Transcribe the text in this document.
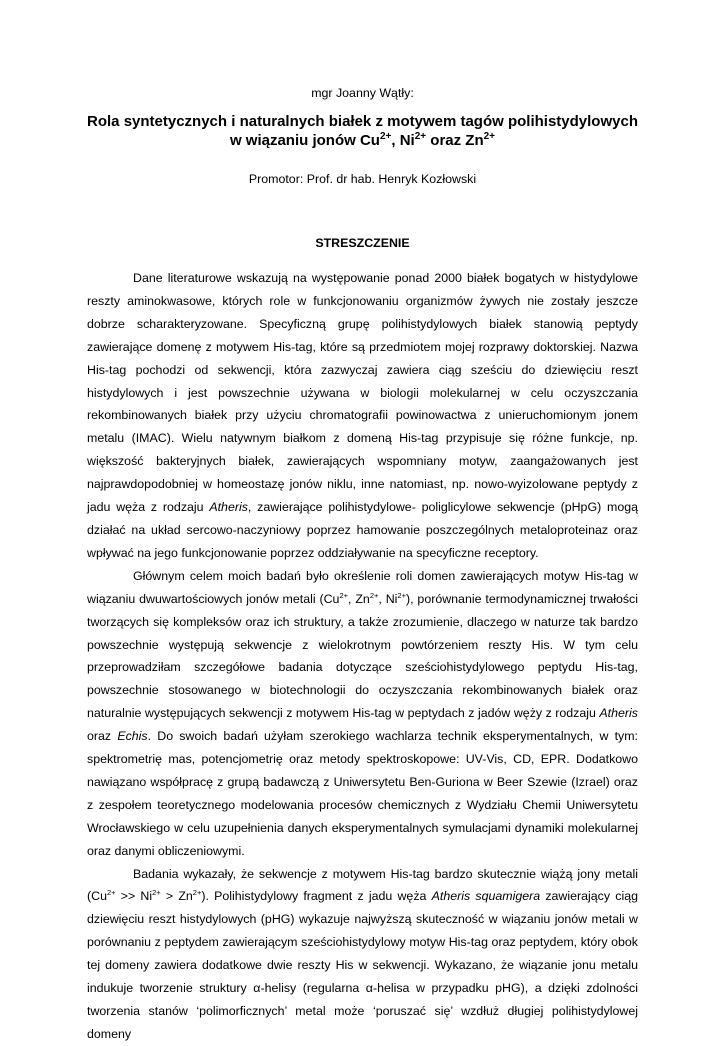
mgr Joanny Wątły:
Rola syntetycznych i naturalnych białek z motywem tagów polihistydylowych
w wiązaniu jonów $Cu^{2+}$, $Ni^{2+}$ oraz $Zn^{2+}$
Promotor: Prof. dr hab. Henryk Kozłowski
STRESZCZENIE

Dane literaturowe wskazują na występowanie ponad 2000 białek bogatych w histydylowe reszty aminokwasowe, których role w funkcjonowaniu organizmów żywych nie zostały jeszcze dobrze scharakteryzowane. Specyficzną grupę polihistydylowych białek stanowią peptydy zawierające domenę z motywem His-tag, które są przedmiotem mojej rozprawy doktorskiej. Nazwa His-tag pochodzi od sekwencji, która zazwyczaj zawiera ciąg sześciu do dziewięciu reszt histydylowych i jest powszechnie używana w biologii molekularnej w celu oczyszczania rekombinowanych białek przy użyciu chromatografii powinowactwa z unieruchomionym jonem metalu (IMAC). Wielu natywnym białkom z domeną His-tag przypisuje się różne funkcje, np. większość bakteryjnych białek, zawierających wspomniany motyw, zaangażowanych jest najprawdopodobniej w homeostazę jonów niklu, inne natomiast, np. nowo-wyizolowane peptydy z jadu węża z rodzaju Atheris, zawierające polihistydylowe- poliglicylowe sekwencje (pHpG) mogą działać na układ sercowo-naczyniowy poprzez hamowanie poszczególnych metaloproteinaz oraz wpływać na jego funkcjonowanie poprzez oddziaływanie na specyficzne receptory.

Głównym celem moich badań było określenie roli domen zawierających motyw His-tag w wiązaniu dwuwartościowych jonów metali ($Cu^{2+}$, $Zn^{2+}$, $Ni^{2+}$), porównanie termodynamicznej trwałości tworzących się kompleksów oraz ich struktury, a także zrozumienie, dlaczego w naturze tak bardzo powszechnie występują sekwencje z wielokrotnym powtórzeniem reszty His. W tym celu przeprowadziłam szczegółowe badania dotyczące sześciohistydylowego peptydu His-tag, powszechnie stosowanego w biotechnologii do oczyszczania rekombinowanych białek oraz naturalnie występujących sekwencji z motywem His-tag w peptydach z jadów węży z rodzaju Atheris oraz Echis. Do swoich badań użyłam szerokiego wachlarza technik eksperymentalnych, w tym: spektrometrię mas, potencjometrię oraz metody spektroskopowe: UV-Vis, CD, EPR. Dodatkowo nawiązano współpracę z grupą badawczą z Uniwersytetu Ben-Guriona w Beer Szewie (Izrael) oraz z zespołem teoretycznego modelowania procesów chemicznych z Wydziału Chemii Uniwersytetu Wrocławskiego w celu uzupełnienia danych eksperymentalnych symulacjami dynamiki molekularnej oraz danymi obliczeniowymi.

Badania wykazały, że sekwencje z motywem His-tag bardzo skutecznie wiążą jony metali $(Cu^{2+} >> Ni^{2+} > Zn^{2+})$. Polihistydylowy fragment z jadu węża Atheris squamigera zawierający ciąg dziewięciu reszt histydylowych (pHG) wykazuje najwyższą skuteczność w wiązaniu jonów metali w porównaniu z peptydem zawierającym sześciohistydylowy motyw His-tag oraz peptydem, który obok tej domeny zawiera dodatkowe dwie reszty His w sekwencji. Wykazano, że wiązanie jonu metalu indukuje tworzenie struktury α-helisy (regularna α-helisa w przypadku pHG), a dzięki zdolności tworzenia stanów ‘polimorficznych’ metal może ‘poruszać się’ wzdłuż długiej polihistydylowej domeny
